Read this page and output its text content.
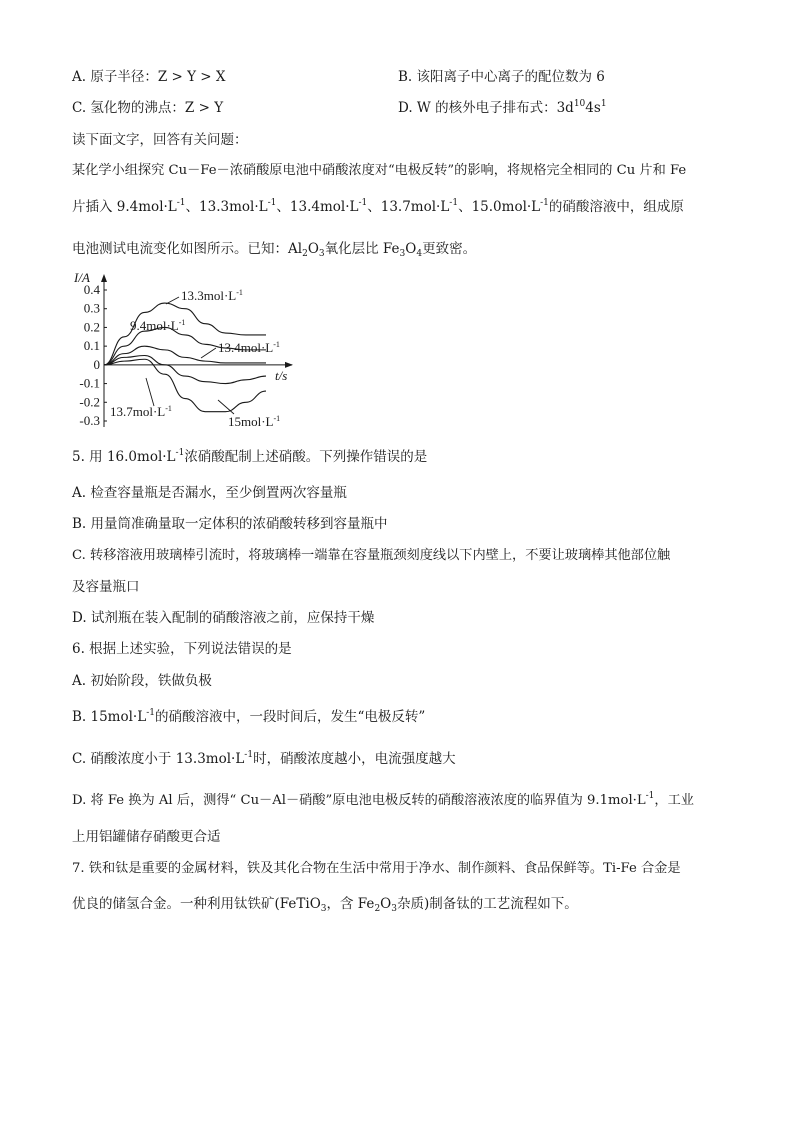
A. 原子半径：Z > Y > X	B. 该阳离子中心离子的配位数为 6
C. 氢化物的沸点：Z > Y	D. W 的核外电子排布式：$3d^{10}4s^1$
读下面文字，回答有关问题：
某化学小组探究 Cu－Fe－浓硝酸原电池中硝酸浓度对“电极反转”的影响，将规格完全相同的 Cu 片和 Fe
片插入 $9.4mol\cdot L^{-1}$、$13.3mol\cdot L^{-1}$、$13.4mol\cdot L^{-1}$、$13.7mol\cdot L^{-1}$、$15.0mol\cdot L^{-1}$的硝酸溶液中，组成原
电池测试电流变化如图所示。已知：$Al_2O_3$氧化层比 $Fe_3O_4$更致密。
0.4
0.3
0.2
0.1
0
-0.1
-0.2
-0.3
I/A
t/s
$13.3mol\cdot L^{-1}$
$9.4mol\cdot L^{-1}$
$13.4mol\cdot L^{-1}$
$13.7mol\cdot L^{-1}$
$15mol\cdot L^{-1}$
5. 用 $16.0mol\cdot L^{-1}$浓硝酸配制上述硝酸。下列操作错误的是
A. 检查容量瓶是否漏水，至少倒置两次容量瓶
B. 用量筒准确量取一定体积的浓硝酸转移到容量瓶中
C. 转移溶液用玻璃棒引流时，将玻璃棒一端靠在容量瓶颈刻度线以下内壁上，不要让玻璃棒其他部位触
及容量瓶口
D. 试剂瓶在装入配制的硝酸溶液之前，应保持干燥
6. 根据上述实验，下列说法错误的是
A. 初始阶段，铁做负极
B. $15mol\cdot L^{-1}$的硝酸溶液中，一段时间后，发生“电极反转”
C. 硝酸浓度小于 $13.3mol\cdot L^{-1}$时，硝酸浓度越小，电流强度越大
D. 将 Fe 换为 Al 后，测得“ Cu－Al－硝酸”原电池电极反转的硝酸溶液浓度的临界值为 $9.1mol\cdot L^{-1}$，工业
上用铝罐储存硝酸更合适
7. 铁和钛是重要的金属材料，铁及其化合物在生活中常用于净水、制作颜料、食品保鲜等。Ti-Fe 合金是
优良的储氢合金。一种利用钛铁矿(FeTiO$_3$，含 $Fe_2O_3$杂质)制备钛的工艺流程如下。
